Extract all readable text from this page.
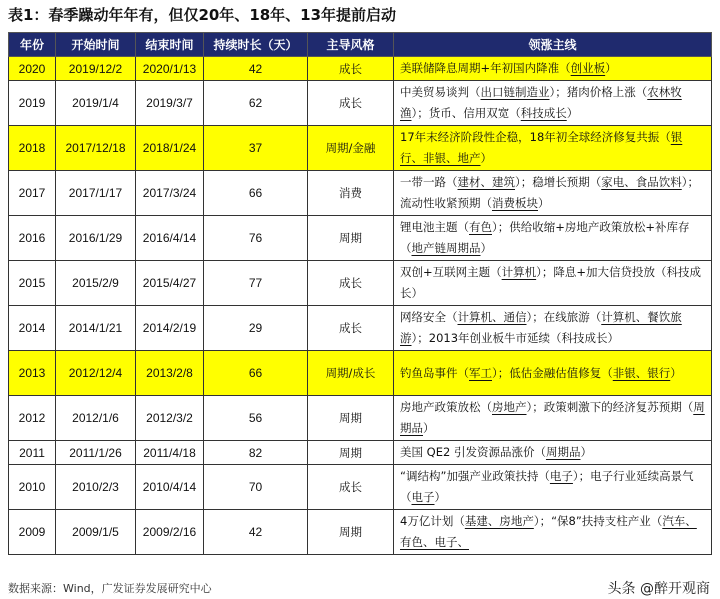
表1：春季躁动年年有，但仅20年、18年、13年提前启动
年份	开始时间	结束时间	持续时长（天）	主导风格	领涨主线
2020	2019/12/2	2020/1/13	42	成长	美联储降息周期+年初国内降准（创业板）
2019	2019/1/4	2019/3/7	62	成长	中美贸易谈判（出口链制造业）；猪肉价格上涨（农林牧渔）；货币、信用双宽（科技成长）
2018	2017/12/18	2018/1/24	37	周期/金融	17年末经济阶段性企稳，18年初全球经济修复共振（银行、非银、地产）
2017	2017/1/17	2017/3/24	66	消费	一带一路（建材、建筑）；稳增长预期（家电、食品饮料）；流动性收紧预期（消费板块）
2016	2016/1/29	2016/4/14	76	周期	锂电池主题（有色）；供给收缩+房地产政策放松+补库存（地产链周期品）
2015	2015/2/9	2015/4/27	77	成长	双创+互联网主题（计算机）；降息+加大信贷投放（科技成长）
2014	2014/1/21	2014/2/19	29	成长	网络安全（计算机、通信）；在线旅游（计算机、餐饮旅游）；2013年创业板牛市延续（科技成长）
2013	2012/12/4	2013/2/8	66	周期/成长	钓鱼岛事件（军工）；低估金融估值修复（非银、银行）
2012	2012/1/6	2012/3/2	56	周期	房地产政策放松（房地产）；政策刺激下的经济复苏预期（周期品）
2011	2011/1/26	2011/4/18	82	周期	美国 QE2 引发资源品涨价（周期品）
2010	2010/2/3	2010/4/14	70	成长	“调结构”加强产业政策扶持（电子）；电子行业延续高景气（电子）
2009	2009/1/5	2009/2/16	42	周期	4万亿计划（基建、房地产）；“保8”扶持支柱产业（汽车、有色、电子、
数据来源：Wind，广发证券发展研究中心	头条 @醉开观商
